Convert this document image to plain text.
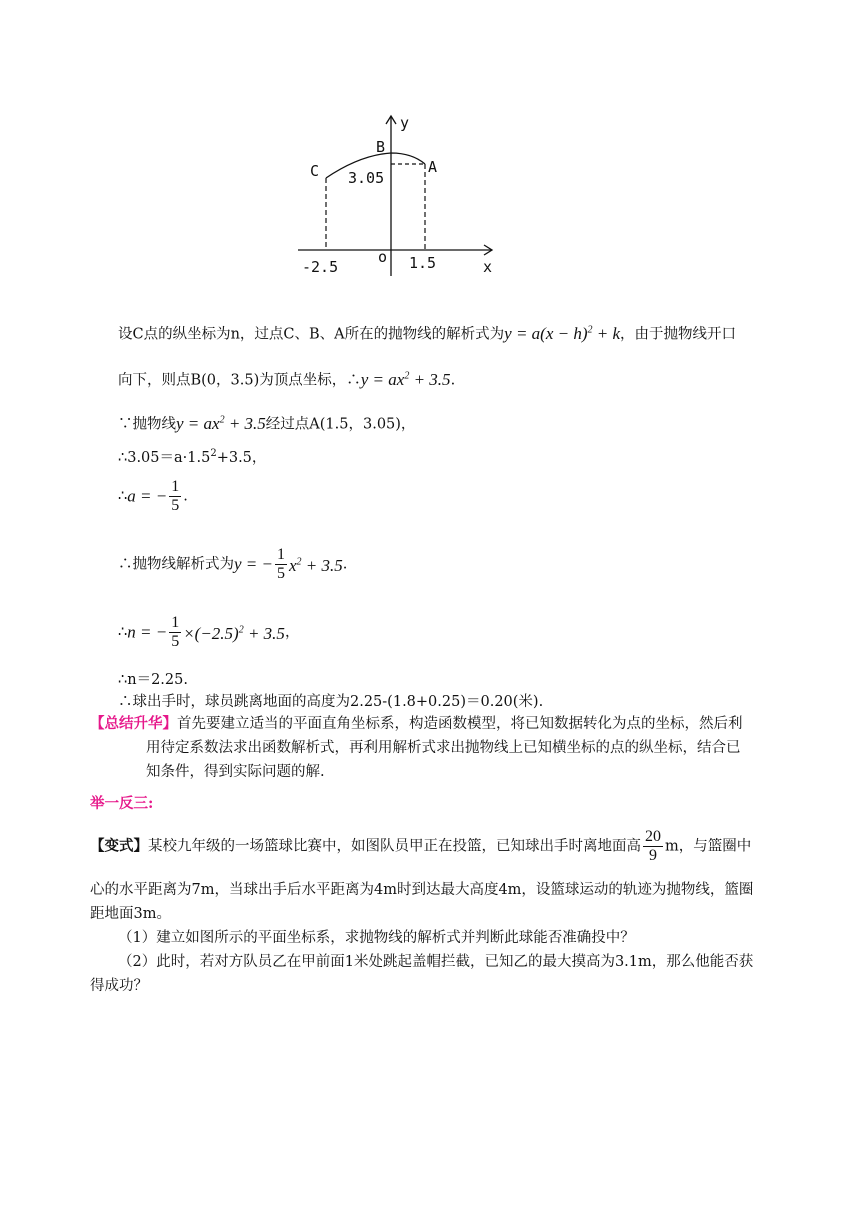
y
B
C	A
3.05
o
-2.5	1.5	x
设C点的纵坐标为n，过点C、B、A所在的抛物线的解析式为$y = a(x - h)^2 + k$，由于抛物线开口
向下，则点B(0，3.5)为顶点坐标，∴y = $ax^2 + 3.5$.
∵抛物线$y = ax^2 + 3.5$经过点A(1.5，3.05)，
$\therefore 3.05=a\cdot 1.5^2+3.5$，
∴a = − $\frac{1}{5}$ .
∴抛物线解析式为y = − $\frac{1}{5} x^2 + 3.5$.
∴n = − $\frac{1}{5} \times(-2.5)^2 + 3.5$，
∴n＝2.25.
∴球出手时，球员跳离地面的高度为2.25-(1.8+0.25)＝0.20(米).
【总结升华】首先要建立适当的平面直角坐标系，构造函数模型，将已知数据转化为点的坐标，然后利
用待定系数法求出函数解析式，再利用解析式求出抛物线上已知横坐标的点的纵坐标，结合已
知条件，得到实际问题的解.
举一反三:
【变式】某校九年级的一场篮球比赛中，如图队员甲正在投篮，已知球出手时离地面高 $\frac{20}{9}$ m，与篮圈中
心的水平距离为7m，当球出手后水平距离为4m时到达最大高度4m，设篮球运动的轨迹为抛物线，篮圈
距地面3m。
（1）建立如图所示的平面坐标系，求抛物线的解析式并判断此球能否准确投中？
（2）此时，若对方队员乙在甲前面1米处跳起盖帽拦截，已知乙的最大摸高为3.1m，那么他能否获
得成功？
